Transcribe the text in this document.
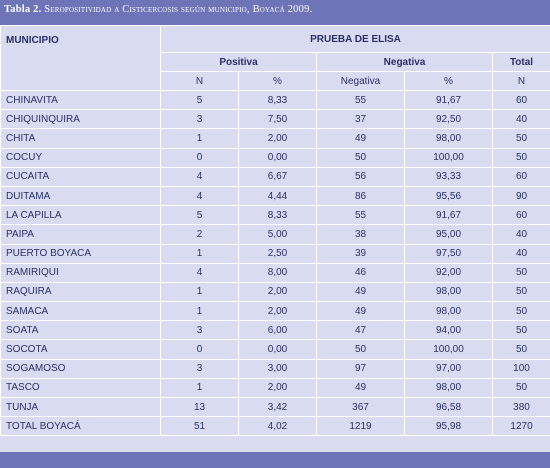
Tabla 2. Seropositividad a Cisticercosis según municipio, Boyacá 2009.
MUNICIPIO	PRUEBA DE ELISA				
	Positiva		Negativa		Total
	N	%	Negativa	%	N
CHINAVITA	5	8,33	55	91,67	60
CHIQUINQUIRA	3	7,50	37	92,50	40
CHITA	1	2,00	49	98,00	50
COCUY	0	0,00	50	100,00	50
CUCAITA	4	6,67	56	93,33	60
DUITAMA	4	4,44	86	95,56	90
LA CAPILLA	5	8,33	55	91,67	60
PAIPA	2	5,00	38	95,00	40
PUERTO BOYACA	1	2,50	39	97,50	40
RAMIRIQUI	4	8,00	46	92,00	50
RAQUIRA	1	2,00	49	98,00	50
SAMACA	1	2,00	49	98,00	50
SOATA	3	6,00	47	94,00	50
SOCOTA	0	0,00	50	100,00	50
SOGAMOSO	3	3,00	97	97,00	100
TASCO	1	2,00	49	98,00	50
TUNJA	13	3,42	367	96,58	380
TOTAL BOYACÁ	51	4,02	1219	95,98	1270
